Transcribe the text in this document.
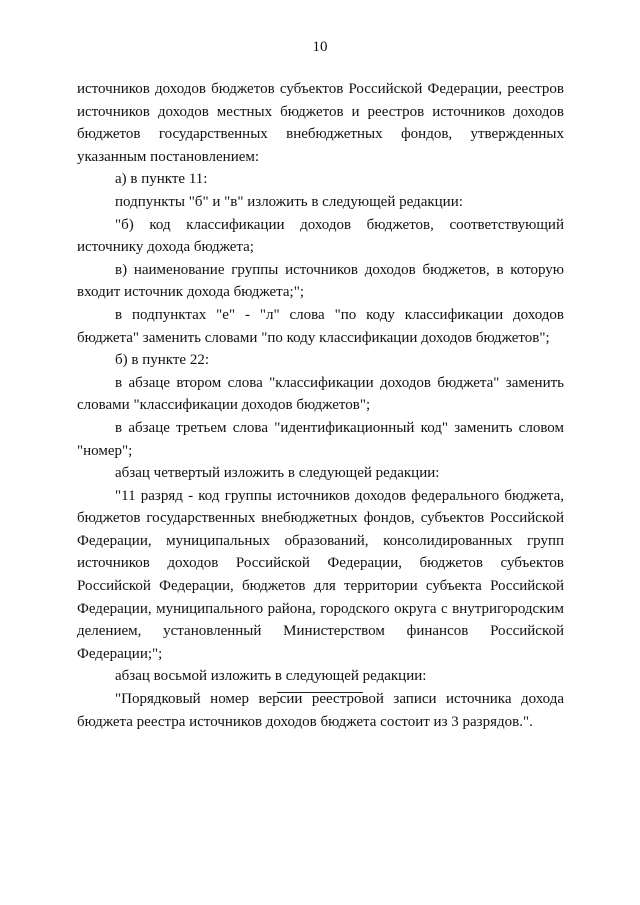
10

источников доходов бюджетов субъектов Российской Федерации, реестров источников доходов местных бюджетов и реестров источников доходов бюджетов государственных внебюджетных фондов, утвержденных указанным постановлением:

а) в пункте 11:

подпункты "б" и "в" изложить в следующей редакции:

"б) код классификации доходов бюджетов, соответствующий источнику дохода бюджета;

в) наименование группы источников доходов бюджетов, в которую входит источник дохода бюджета;";

в подпунктах "е" - "л" слова "по коду классификации доходов бюджета" заменить словами "по коду классификации доходов бюджетов";

б) в пункте 22:

в абзаце втором слова "классификации доходов бюджета" заменить словами "классификации доходов бюджетов";

в абзаце третьем слова "идентификационный код" заменить словом "номер";

абзац четвертый изложить в следующей редакции:

"11 разряд - код группы источников доходов федерального бюджета, бюджетов государственных внебюджетных фондов, субъектов Российской Федерации, муниципальных образований, консолидированных групп источников доходов Российской Федерации, бюджетов субъектов Российской Федерации, бюджетов для территории субъекта Российской Федерации, муниципального района, городского округа с внутригородским делением, установленный Министерством финансов Российской Федерации;";

абзац восьмой изложить в следующей редакции:

"Порядковый номер версии реестровой записи источника дохода бюджета реестра источников доходов бюджета состоит из 3 разрядов.".
